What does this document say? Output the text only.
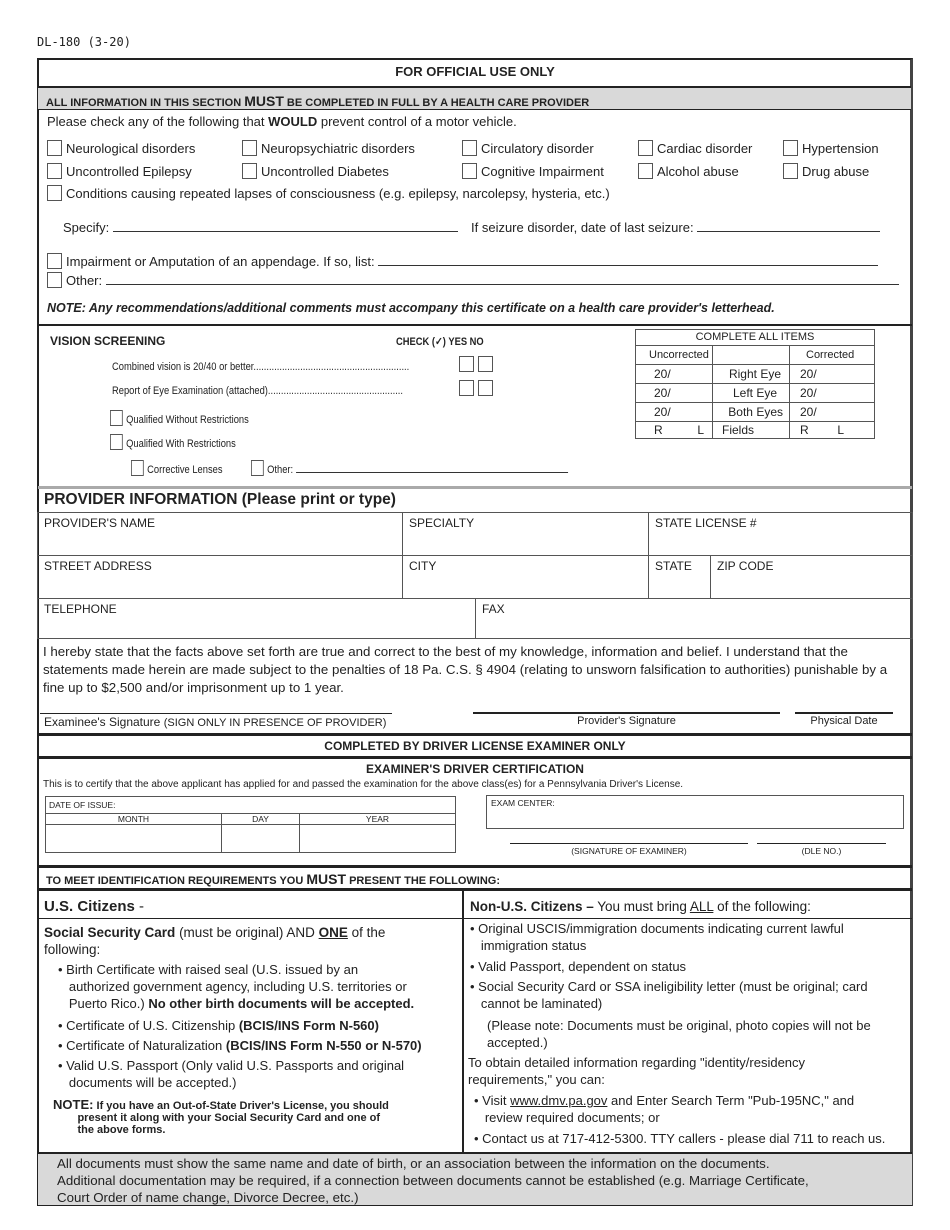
DL-180 (3-20)
FOR OFFICIAL USE ONLY
ALL INFORMATION IN THIS SECTION MUST BE COMPLETED IN FULL BY A HEALTH CARE PROVIDER
Please check any of the following that WOULD prevent control of a motor vehicle.
Neurological disorders	Neuropsychiatric disorders	Circulatory disorder	Cardiac disorder	Hypertension
Uncontrolled Epilepsy	Uncontrolled Diabetes	Cognitive Impairment	Alcohol abuse	Drug abuse
Conditions causing repeated lapses of consciousness (e.g. epilepsy, narcolepsy, hysteria, etc.)
Specify:	If seizure disorder, date of last seizure:
Impairment or Amputation of an appendage. If so, list:
Other:
NOTE: Any recommendations/additional comments must accompany this certificate on a health care provider's letterhead.
VISION SCREENING	CHECK (✓) YES NO
Combined vision is 20/40 or better............................................................
Report of Eye Examination (attached)....................................................
Qualified Without Restrictions
Qualified With Restrictions
Corrective Lenses	Other:
COMPLETE ALL ITEMS
Uncorrected	Corrected
20/	Right Eye	20/
20/	Left Eye	20/
20/	Both Eyes	20/
R	L	Fields	R L
PROVIDER INFORMATION (Please print or type)
PROVIDER'S NAME	SPECIALTY	STATE LICENSE #
STREET ADDRESS	CITY	STATE	ZIP CODE
TELEPHONE	FAX
I hereby state that the facts above set forth are true and correct to the best of my knowledge, information and belief. I understand that the statements made herein are made subject to the penalties of 18 Pa. C.S. § 4904 (relating to unsworn falsification to authorities) punishable by a fine up to $2,500 and/or imprisonment up to 1 year.
Examinee's Signature (SIGN ONLY IN PRESENCE OF PROVIDER)	Provider's Signature	Physical Date
COMPLETED BY DRIVER LICENSE EXAMINER ONLY
EXAMINER'S DRIVER CERTIFICATION
This is to certify that the above applicant has applied for and passed the examination for the above class(es) for a Pennsylvania Driver's License.
DATE OF ISSUE:
MONTH	DAY	YEAR
EXAM CENTER:
(SIGNATURE OF EXAMINER)	(DLE NO.)
TO MEET IDENTIFICATION REQUIREMENTS YOU MUST PRESENT THE FOLLOWING:
U.S. Citizens -
Social Security Card (must be original) AND ONE of the
following:
• Birth Certificate with raised seal (U.S. issued by an
authorized government agency, including U.S. territories or
Puerto Rico.) No other birth documents will be accepted.
• Certificate of U.S. Citizenship (BCIS/INS Form N-560)
• Certificate of Naturalization (BCIS/INS Form N-550 or N-570)
• Valid U.S. Passport (Only valid U.S. Passports and original
documents will be accepted.)
NOTE: If you have an Out-of-State Driver's License, you should
present it along with your Social Security Card and one of
the above forms.
Non-U.S. Citizens – You must bring ALL of the following:
• Original USCIS/immigration documents indicating current lawful
immigration status
• Valid Passport, dependent on status
• Social Security Card or SSA ineligibility letter (must be original; card
cannot be laminated)
(Please note: Documents must be original, photo copies will not be
accepted.)
To obtain detailed information regarding "identity/residency
requirements," you can:
• Visit www.dmv.pa.gov and Enter Search Term "Pub-195NC," and
review required documents; or
• Contact us at 717-412-5300. TTY callers - please dial 711 to reach us.
All documents must show the same name and date of birth, or an association between the information on the documents.
Additional documentation may be required, if a connection between documents cannot be established (e.g. Marriage Certificate,
Court Order of name change, Divorce Decree, etc.)
